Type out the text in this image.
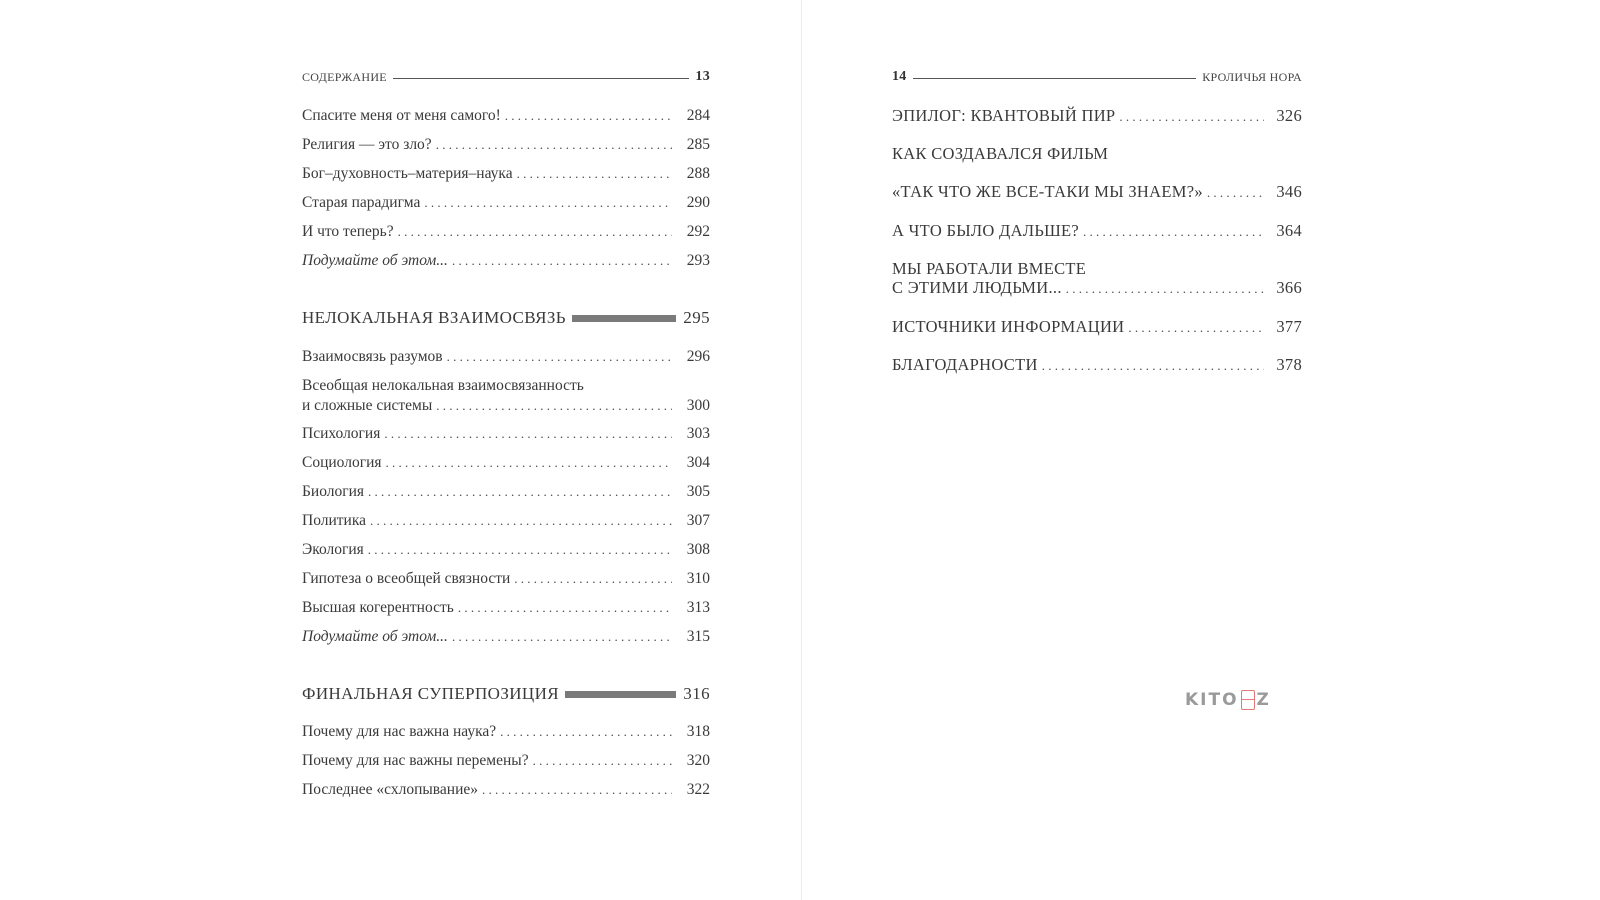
СОДЕРЖАНИЕ	13
Спасите меня от меня самого! . . .	284
Религия — это зло? . . .	285
Бог–духовность–материя–наука . . .	288
Старая парадигма . . .	290
И что теперь? . . .	292
Подумайте об этом... . . .	293
НЕЛОКАЛЬНАЯ ВЗАИМОСВЯЗЬ	295
Взаимосвязь разумов . . .	296
Всеобщая нелокальная взаимосвязанность
и сложные системы . . .	300
Психология . . .	303
Социология . . .	304
Биология . . .	305
Политика . . .	307
Экология . . .	308
Гипотеза о всеобщей связности . . .	310
Высшая когерентность . . .	313
Подумайте об этом... . . .	315
ФИНАЛЬНАЯ СУПЕРПОЗИЦИЯ	316
Почему для нас важна наука? . . .	318
Почему для нас важны перемены? . . .	320
Последнее «схлопывание» . . .	322
14	КРОЛИЧЬЯ НОРА
ЭПИЛОГ: КВАНТОВЫЙ ПИР . . .	326
КАК СОЗДАВАЛСЯ ФИЛЬМ
«ТАК ЧТО ЖЕ ВСЕ-ТАКИ МЫ ЗНАЕМ?» . . .	346
А ЧТО БЫЛО ДАЛЬШЕ? . . .	364
МЫ РАБОТАЛИ ВМЕСТЕ
С ЭТИМИ ЛЮДЬМИ... . . .	366
ИСТОЧНИКИ ИНФОРМАЦИИ . . .	377
БЛАГОДАРНОСТИ . . .	378
KITO Z
